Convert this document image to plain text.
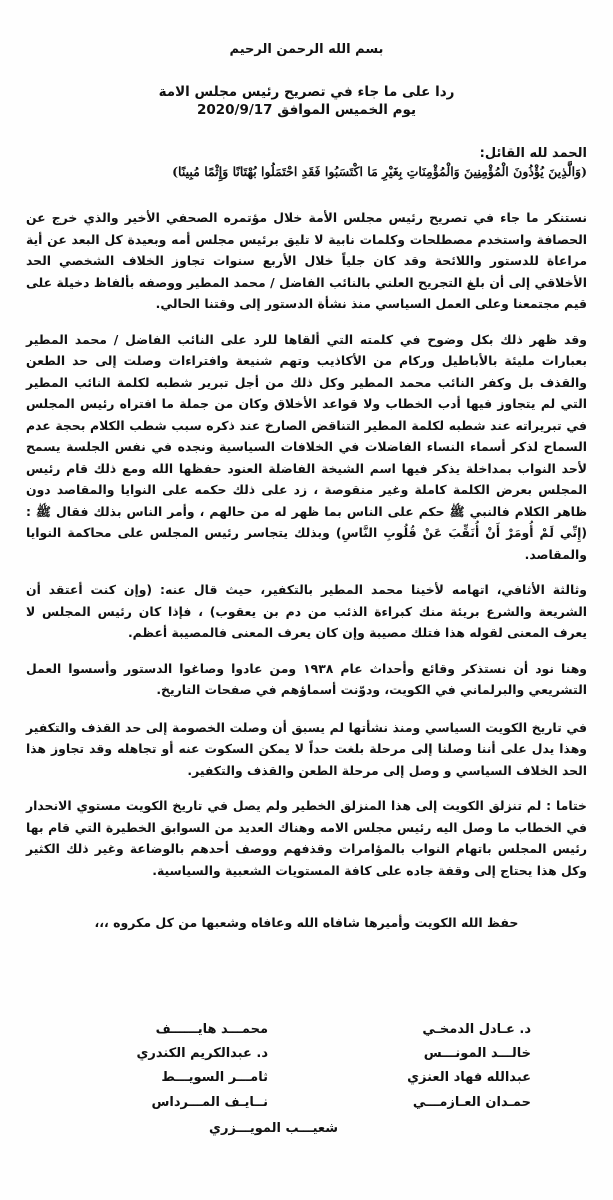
بسم الله الرحمن الرحيم
ردا على ما جاء في تصريح رئيس مجلس الامة
يوم الخميس الموافق 2020/9/17
الحمد لله القائل:
(وَالَّذِينَ يُؤْذُونَ الْمُؤْمِنِينَ وَالْمُؤْمِنَاتِ بِغَيْرِ مَا اكْتَسَبُوا فَقَدِ احْتَمَلُوا بُهْتَانًا وَإِثْمًا مُبِينًا)

نستنكر ما جاء في تصريح رئيس مجلس الأمة خلال مؤتمره الصحفي الأخير والذي خرج عن الحصافة واستخدم مصطلحات وكلمات نابية لا تليق برئيس مجلس أمه وبعيدة كل البعد عن أية مراعاة للدستور واللائحة وقد كان جلياً خلال الأربع سنوات تجاوز الخلاف الشخصي الحد الأخلاقي إلى أن بلغ التجريح العلني بالنائب الفاضل / محمد المطير ووصفه بألفاظ دخيلة على قيم مجتمعنا وعلى العمل السياسي منذ نشأة الدستور إلى وقتنا الحالي.

وقد ظهر ذلك بكل وضوح في كلمته التي ألقاها للرد على النائب الفاضل / محمد المطير بعبارات مليئة بالأباطيل وركام من الأكاذيب وتهم شنيعة وافتراءات وصلت إلى حد الطعن والقذف بل وكفر النائب محمد المطير وكل ذلك من أجل تبرير شطبه لكلمة النائب المطير التي لم يتجاوز فيها أدب الخطاب ولا قواعد الأخلاق وكان من جملة ما افتراه رئيس المجلس في تبريراته عند شطبه لكلمة المطير التناقض الصارخ عند ذكره سبب شطب الكلام بحجة عدم السماح لذكر أسماء النساء الفاضلات في الخلافات السياسية ونجده في نفس الجلسة يسمح لأحد النواب بمداخلة يذكر فيها اسم الشيخة الفاضلة العنود حفظها الله ومع ذلك قام رئيس المجلس بعرض الكلمة كاملة وغير منقوصة ، زد على ذلك حكمه على النوايا والمقاصد دون ظاهر الكلام فالنبي ﷺ حكم على الناس بما ظهر له من حالهم ، وأمر الناس بذلك فقال ﷺ : (إِنِّي لَمْ أُومَرْ أَنْ أُنَقِّبَ عَنْ قُلُوبِ النَّاسِ) وبذلك يتجاسر رئيس المجلس على محاكمة النوايا والمقاصد.

وثالثة الأثافي، اتهامه لأخينا محمد المطير بالتكفير، حيث قال عنه: (وإن كنت أعتقد أن الشريعة والشرع بريئة منك كبراءة الذئب من دم بن يعقوب) ، فإذا كان رئيس المجلس لا يعرف المعنى لقوله هذا فتلك مصيبة وإن كان يعرف المعنى فالمصيبة أعظم.

وهنا نود أن نستذكر وقائع وأحداث عام ١٩٣٨ ومن عادوا وصاغوا الدستور وأسسوا العمل التشريعي والبرلماني في الكويت، ودوّنت أسماؤهم في صفحات التاريخ.

في تاريخ الكويت السياسي ومنذ نشأتها لم يسبق أن وصلت الخصومة إلى حد القذف والتكفير وهذا يدل على أننا وصلنا إلى مرحلة بلغت حداً لا يمكن السكوت عنه أو تجاهله وقد تجاوز هذا الحد الخلاف السياسي و وصل إلى مرحلة الطعن والقذف والتكفير.

ختاما : لم تنزلق الكويت إلى هذا المنزلق الخطير ولم يصل في تاريخ الكويت مستوي الانحدار في الخطاب ما وصل اليه رئيس مجلس الامه وهناك العديد من السوابق الخطيرة التي قام بها رئيس المجلس باتهام النواب بالمؤامرات وقذفهم ووصف أحدهم بالوضاعة وغير ذلك الكثير وكل هذا يحتاج إلى وقفة جاده على كافة المستويات الشعبية والسياسية.

حفظ الله الكويت وأميرها شافاه الله وعافاه وشعبها من كل مكروه ،،،
د. عـادل الدمخـي
خالـــد المونـــس
عبدالله فهاد العنزي
حمـدان العـازمـــي
محمـــد هايــــــف
د. عبدالكريم الكندري
ثامـــر السويـــط
نــايـف المـــرداس
شعيـــب المويـــزري
